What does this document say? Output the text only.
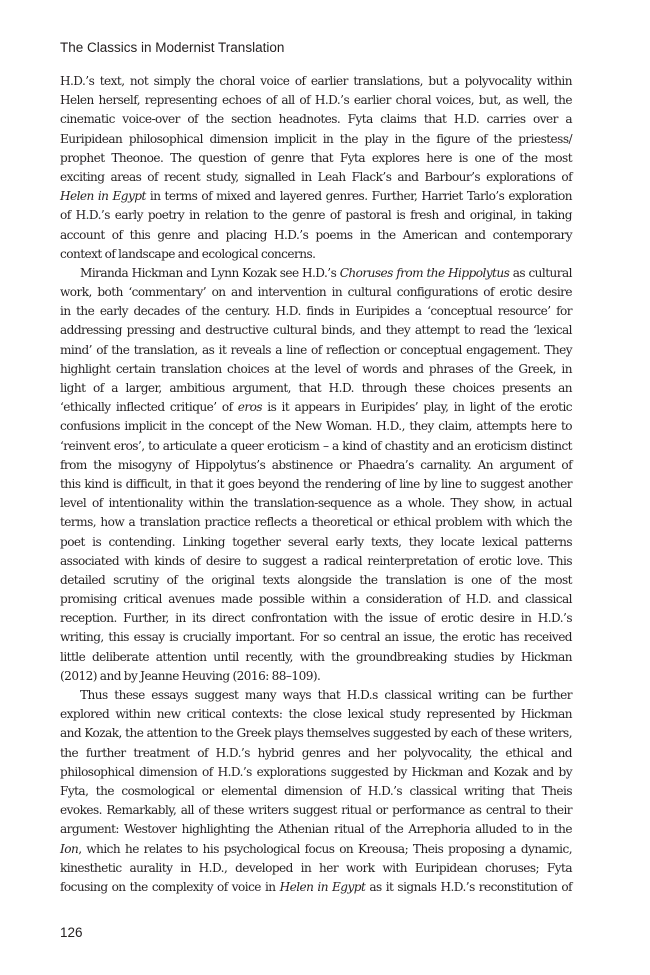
The Classics in Modernist Translation
H.D.’s text, not simply the choral voice of earlier translations, but a polyvocality within
Helen herself, representing echoes of all of H.D.’s earlier choral voices, but, as well, the
cinematic voice-over of the section headnotes. Fyta claims that H.D. carries over a
Euripidean philosophical dimension implicit in the play in the figure of the priestess/
prophet Theonoe. The question of genre that Fyta explores here is one of the most
exciting areas of recent study, signalled in Leah Flack’s and Barbour’s explorations of
Helen in Egypt in terms of mixed and layered genres. Further, Harriet Tarlo’s exploration
of H.D.’s early poetry in relation to the genre of pastoral is fresh and original, in taking
account of this genre and placing H.D.’s poems in the American and contemporary
context of landscape and ecological concerns.
Miranda Hickman and Lynn Kozak see H.D.’s Choruses from the Hippolytus as cultural
work, both ‘commentary’ on and intervention in cultural configurations of erotic desire
in the early decades of the century. H.D. finds in Euripides a ‘conceptual resource’ for
addressing pressing and destructive cultural binds, and they attempt to read the ‘lexical
mind’ of the translation, as it reveals a line of reflection or conceptual engagement. They
highlight certain translation choices at the level of words and phrases of the Greek, in
light of a larger, ambitious argument, that H.D. through these choices presents an
‘ethically inflected critique’ of eros is it appears in Euripides’ play, in light of the erotic
confusions implicit in the concept of the New Woman. H.D., they claim, attempts here to
‘reinvent eros’, to articulate a queer eroticism – a kind of chastity and an eroticism distinct
from the misogyny of Hippolytus’s abstinence or Phaedra’s carnality. An argument of
this kind is difficult, in that it goes beyond the rendering of line by line to suggest another
level of intentionality within the translation-sequence as a whole. They show, in actual
terms, how a translation practice reflects a theoretical or ethical problem with which the
poet is contending. Linking together several early texts, they locate lexical patterns
associated with kinds of desire to suggest a radical reinterpretation of erotic love. This
detailed scrutiny of the original texts alongside the translation is one of the most
promising critical avenues made possible within a consideration of H.D. and classical
reception. Further, in its direct confrontation with the issue of erotic desire in H.D.’s
writing, this essay is crucially important. For so central an issue, the erotic has received
little deliberate attention until recently, with the groundbreaking studies by Hickman
(2012) and by Jeanne Heuving (2016: 88–109).
Thus these essays suggest many ways that H.D.s classical writing can be further
explored within new critical contexts: the close lexical study represented by Hickman
and Kozak, the attention to the Greek plays themselves suggested by each of these writers,
the further treatment of H.D.’s hybrid genres and her polyvocality, the ethical and
philosophical dimension of H.D.’s explorations suggested by Hickman and Kozak and by
Fyta, the cosmological or elemental dimension of H.D.’s classical writing that Theis
evokes. Remarkably, all of these writers suggest ritual or performance as central to their
argument: Westover highlighting the Athenian ritual of the Arrephoria alluded to in the
Ion, which he relates to his psychological focus on Kreousa; Theis proposing a dynamic,
kinesthetic aurality in H.D., developed in her work with Euripidean choruses; Fyta
focusing on the complexity of voice in Helen in Egypt as it signals H.D.’s reconstitution of
126
